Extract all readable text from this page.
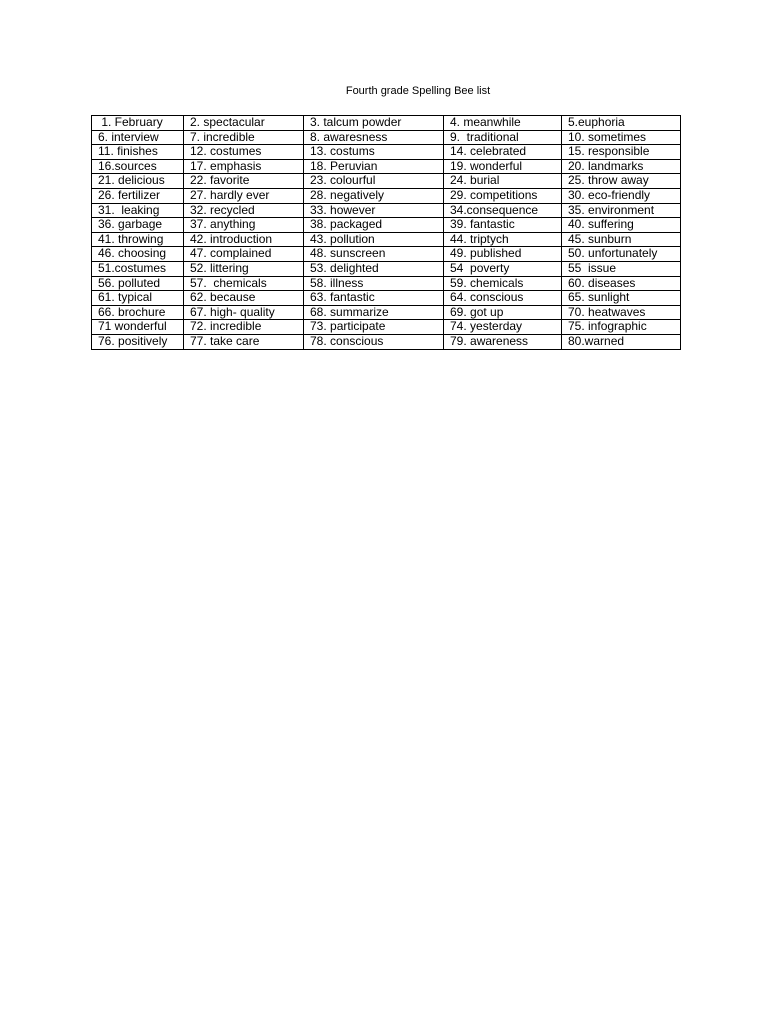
Fourth grade Spelling Bee list
1. February	2. spectacular	3. talcum powder	4. meanwhile	5.euphoria
6. interview	7. incredible	8. awaresness	9.  traditional	10. sometimes
11. finishes	12. costumes	13. costums	14. celebrated	15. responsible
16.sources	17. emphasis	18. Peruvian	19. wonderful	20. landmarks
21. delicious	22. favorite	23. colourful	24. burial	25. throw away
26. fertilizer	27. hardly ever	28. negatively	29. competitions	30. eco-friendly
31.  leaking	32. recycled	33. however	34.consequence	35. environment
36. garbage	37. anything	38. packaged	39. fantastic	40. suffering
41. throwing	42. introduction	43. pollution	44. triptych	45. sunburn
46. choosing	47. complained	48. sunscreen	49. published	50. unfortunately
51.costumes	52. littering	53. delighted	54  poverty	55  issue
56. polluted	57.  chemicals	58. illness	59. chemicals	60. diseases
61. typical	62. because	63. fantastic	64. conscious	65. sunlight
66. brochure	67. high- quality	68. summarize	69. got up	70. heatwaves
71 wonderful	72. incredible	73. participate	74. yesterday	75. infographic
76. positively	77. take care	78. conscious	79. awareness	80.warned
